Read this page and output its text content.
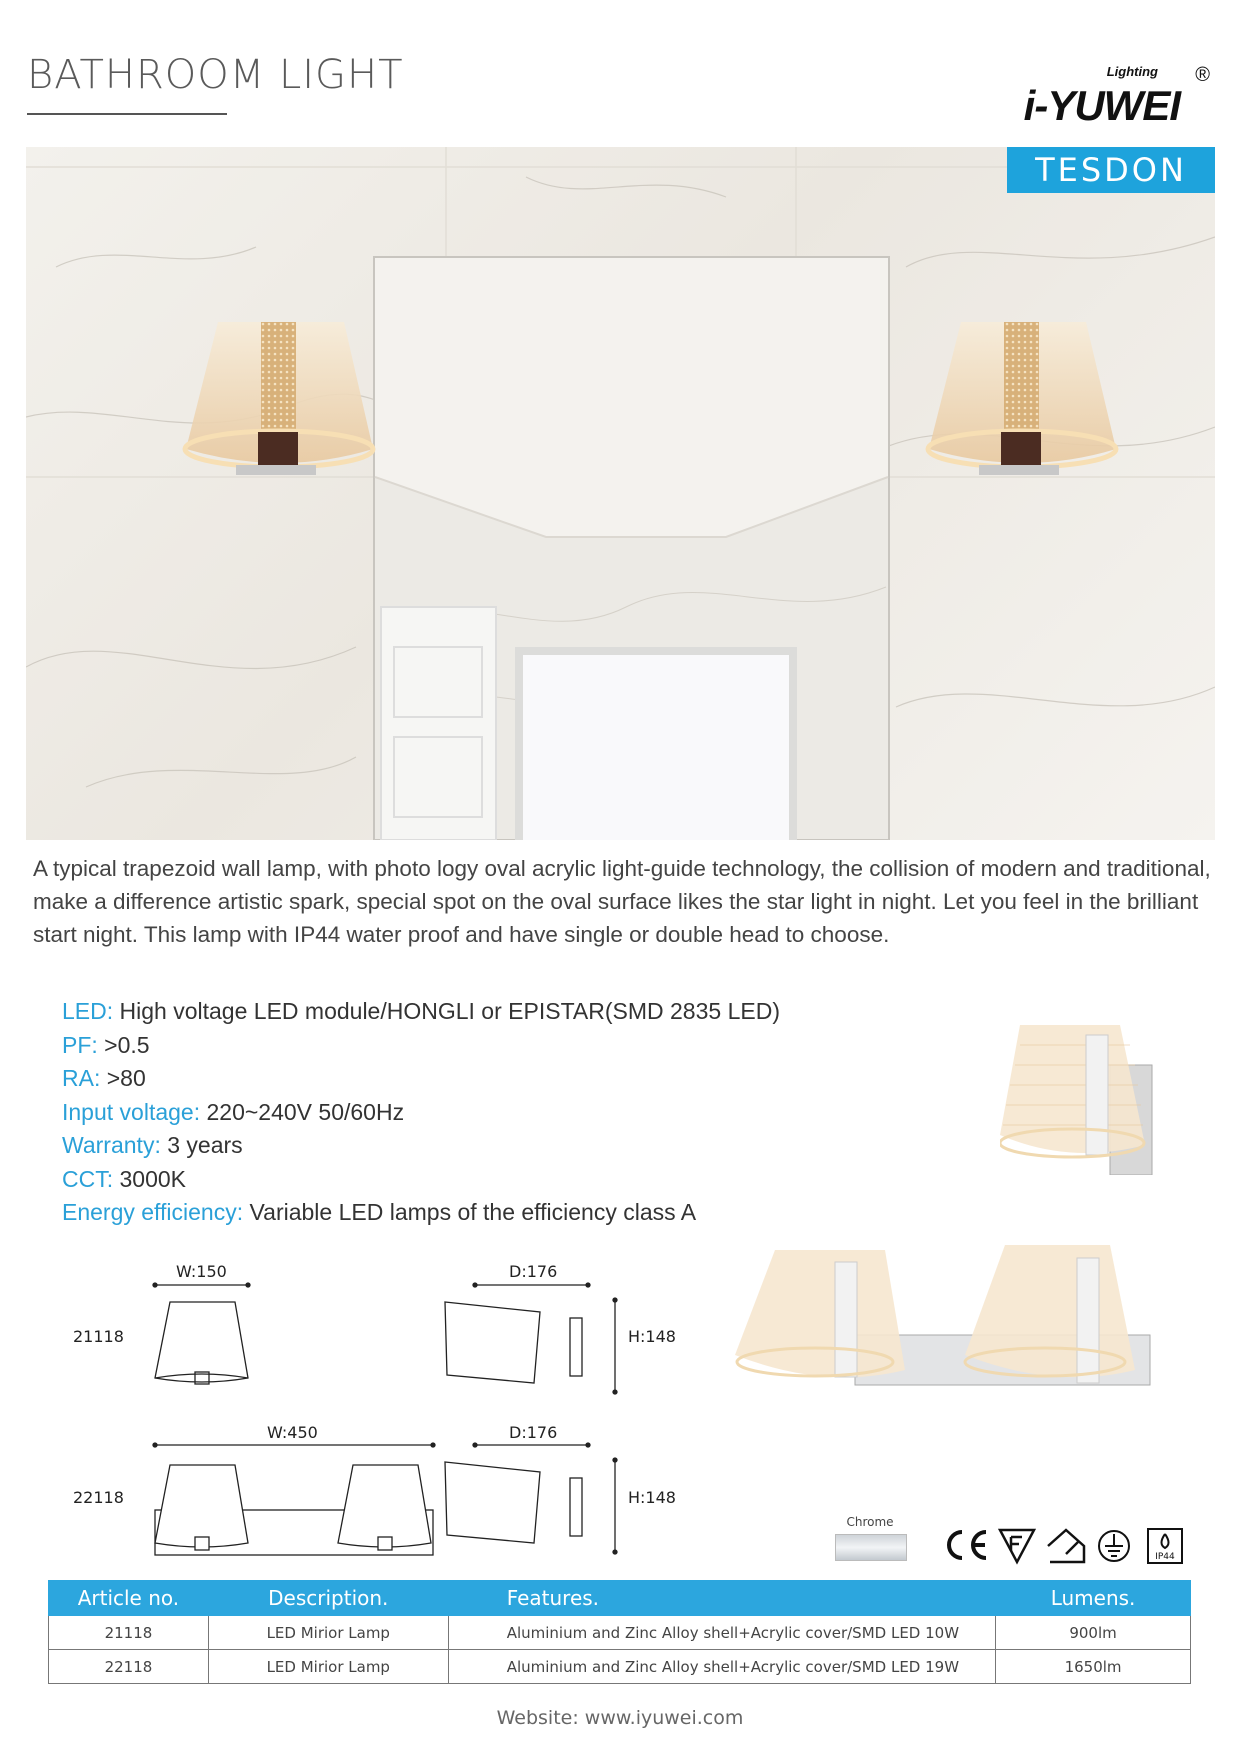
BATHROOM LIGHT	Lighting ®
i-YUWEI
TESDON
A typical trapezoid wall lamp, with photo logy oval acrylic light-guide technology, the collision of modern and traditional, make a difference artistic spark, special spot on the oval surface likes the star light in night. Let you feel in the brilliant start night. This lamp with IP44 water proof and have single or double head to choose.
LED: High voltage LED module/HONGLI or EPISTAR(SMD 2835 LED)
PF: >0.5
RA: >80
Input voltage: 220~240V 50/60Hz
Warranty: 3 years
CCT: 3000K
Energy efficiency: Variable LED lamps of the efficiency class A
21118
W:150	D:176
H:148
22118
W:450	D:176
H:148
Chrome
IP44
Article no.	Description.	Features.	Lumens.
21118	LED Mirior Lamp	Aluminium and Zinc Alloy shell+Acrylic cover/SMD LED 10W	900lm
22118	LED Mirior Lamp	Aluminium and Zinc Alloy shell+Acrylic cover/SMD LED 19W	1650lm
Website: www.iyuwei.com
